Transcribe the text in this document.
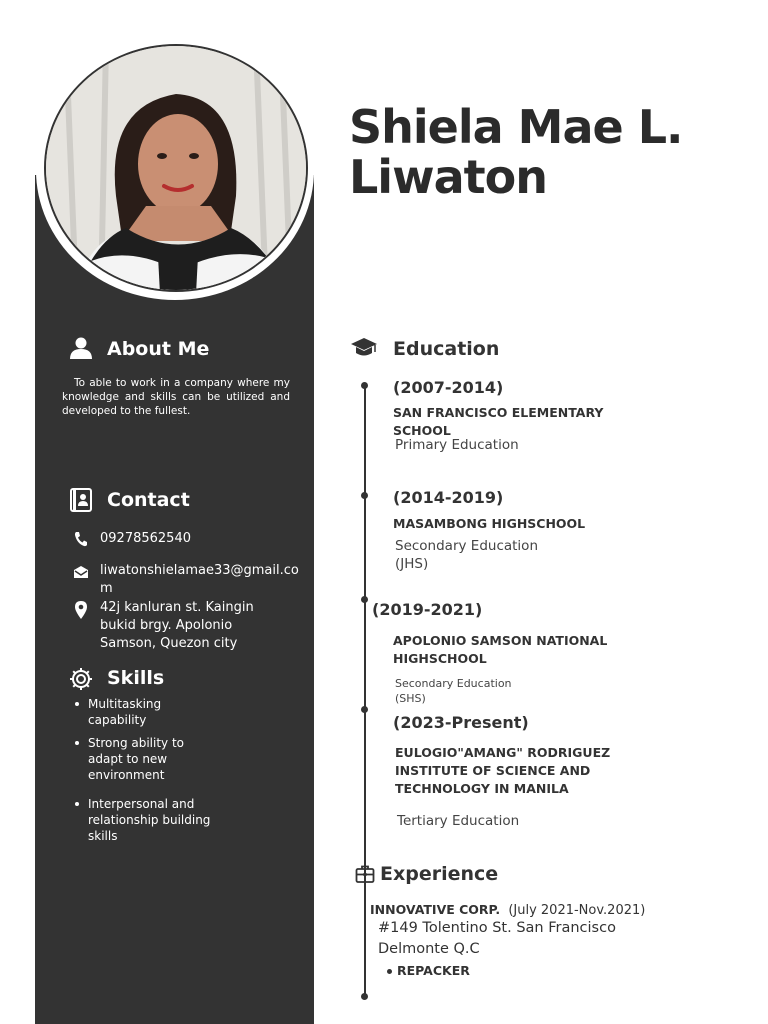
Shiela Mae L.
Liwaton
About Me

To able to work in a company where my knowledge and skills can be utilized and developed to the fullest.

Contact
09278562540
liwatonshielamae33@gmail.com
42j kanluran st. Kaingin bukid brgy. Apolonio Samson, Quezon city
Skills
Multitasking capability
Strong ability to adapt to new environment
Interpersonal and relationship building skills
Education
(2007-2014)
SAN FRANCISCO ELEMENTARY SCHOOL
Primary Education
(2014-2019)
MASAMBONG HIGHSCHOOL
Secondary Education (JHS)
(2019-2021)
APOLONIO SAMSON NATIONAL HIGHSCHOOL
Secondary Education (SHS)
(2023-Present)
EULOGIO"AMANG" RODRIGUEZ INSTITUTE OF SCIENCE AND TECHNOLOGY IN MANILA
Tertiary Education
Experience
INNOVATIVE CORP. (July 2021-Nov.2021)
#149 Tolentino St. San Francisco Delmonte Q.C
REPACKER
